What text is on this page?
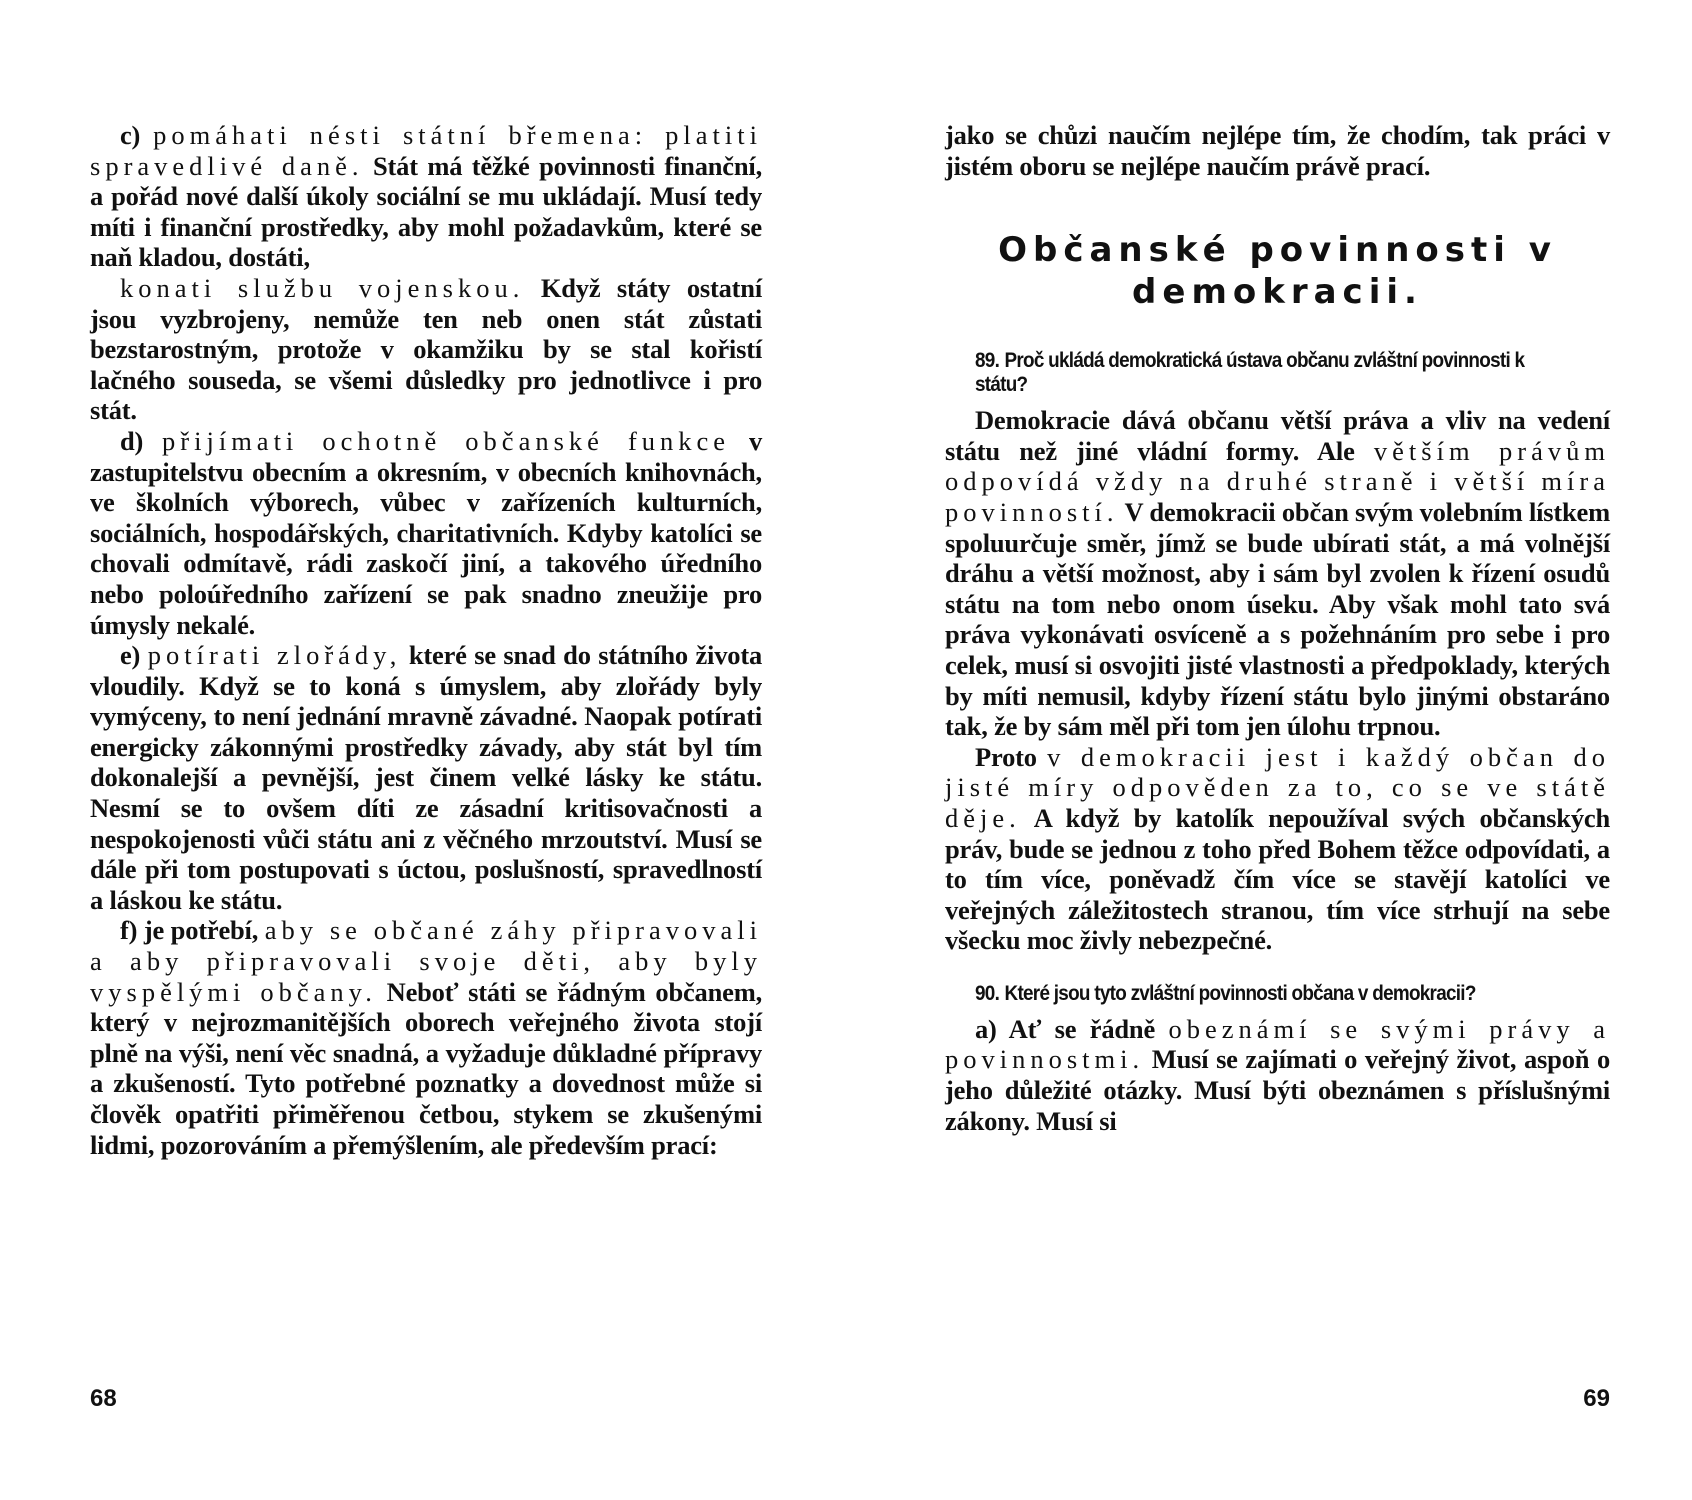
c) pomáhati nésti státní břemena: platiti spravedlivé daně. Stát má těžké povinnosti finanční, a pořád nové další úkoly sociální se mu ukládají. Musí tedy míti i finanční prostředky, aby mohl požadavkům, které se naň kladou, dostáti,

konati službu vojenskou. Když státy ostatní jsou vyzbrojeny, nemůže ten neb onen stát zůstati bezstarostným, protože v okamžiku by se stal kořistí lačného souseda, se všemi důsledky pro jednotlivce i pro stát.

d) přijímati ochotně občanské funkce v zastupitelstvu obecním a okresním, v obecních knihovnách, ve školních výborech, vůbec v zařízeních kulturních, sociálních, hospodářských, charitativních. Kdyby katolíci se chovali odmítavě, rádi zaskočí jiní, a takového úředního nebo poloúředního zařízení se pak snadno zneužije pro úmysly nekalé.

e) potírati zlořády, které se snad do státního života vloudily. Když se to koná s úmyslem, aby zlořády byly vymýceny, to není jednání mravně závadné. Naopak potírati energicky zákonnými prostředky závady, aby stát byl tím dokonalejší a pevnější, jest činem velké lásky ke státu. Nesmí se to ovšem díti ze zásadní kritisovačnosti a nespokojenosti vůči státu ani z věčného mrzoutství. Musí se dále při tom postupovati s úctou, poslušností, spravedlností a láskou ke státu.

f) je potřebí, aby se občané záhy připravovali a aby připravovali svoje děti, aby byly vyspělými občany. Neboť státi se řádným občanem, který v nejrozmanitějších oborech veřejného života stojí plně na výši, není věc snadná, a vyžaduje důkladné přípravy a zkušeností. Tyto potřebné poznatky a dovednost může si člověk opatřiti přiměřenou četbou, stykem se zkušenými lidmi, pozorováním a přemýšlením, ale především prací:

68

jako se chůzi naučím nejlépe tím, že chodím, tak práci v jistém oboru se nejlépe naučím právě prací.

Občanské povinnosti v demokracii.
89. Proč ukládá demokratická ústava občanu zvláštní povinnosti k státu?

Demokracie dává občanu větší práva a vliv na vedení státu než jiné vládní formy. Ale větším právům odpovídá vždy na druhé straně i větší míra povinností. V demokracii občan svým volebním lístkem spoluurčuje směr, jímž se bude ubírati stát, a má volnější dráhu a větší možnost, aby i sám byl zvolen k řízení osudů státu na tom nebo onom úseku. Aby však mohl tato svá práva vykonávati osvíceně a s požehnáním pro sebe i pro celek, musí si osvojiti jisté vlastnosti a předpoklady, kterých by míti nemusil, kdyby řízení státu bylo jinými obstaráno tak, že by sám měl při tom jen úlohu trpnou.

Proto v demokracii jest i každý občan do jisté míry odpověden za to, co se ve státě děje. A když by katolík nepoužíval svých občanských práv, bude se jednou z toho před Bohem těžce odpovídati, a to tím více, poněvadž čím více se stavějí katolíci ve veřejných záležitostech stranou, tím více strhují na sebe všecku moc živly nebezpečné.

90. Které jsou tyto zvláštní povinnosti občana v demokracii?

a) Ať se řádně obeznámí se svými právy a povinnostmi. Musí se zajímati o veřejný život, aspoň o jeho důležité otázky. Musí býti obeznámen s příslušnými zákony. Musí si

69
